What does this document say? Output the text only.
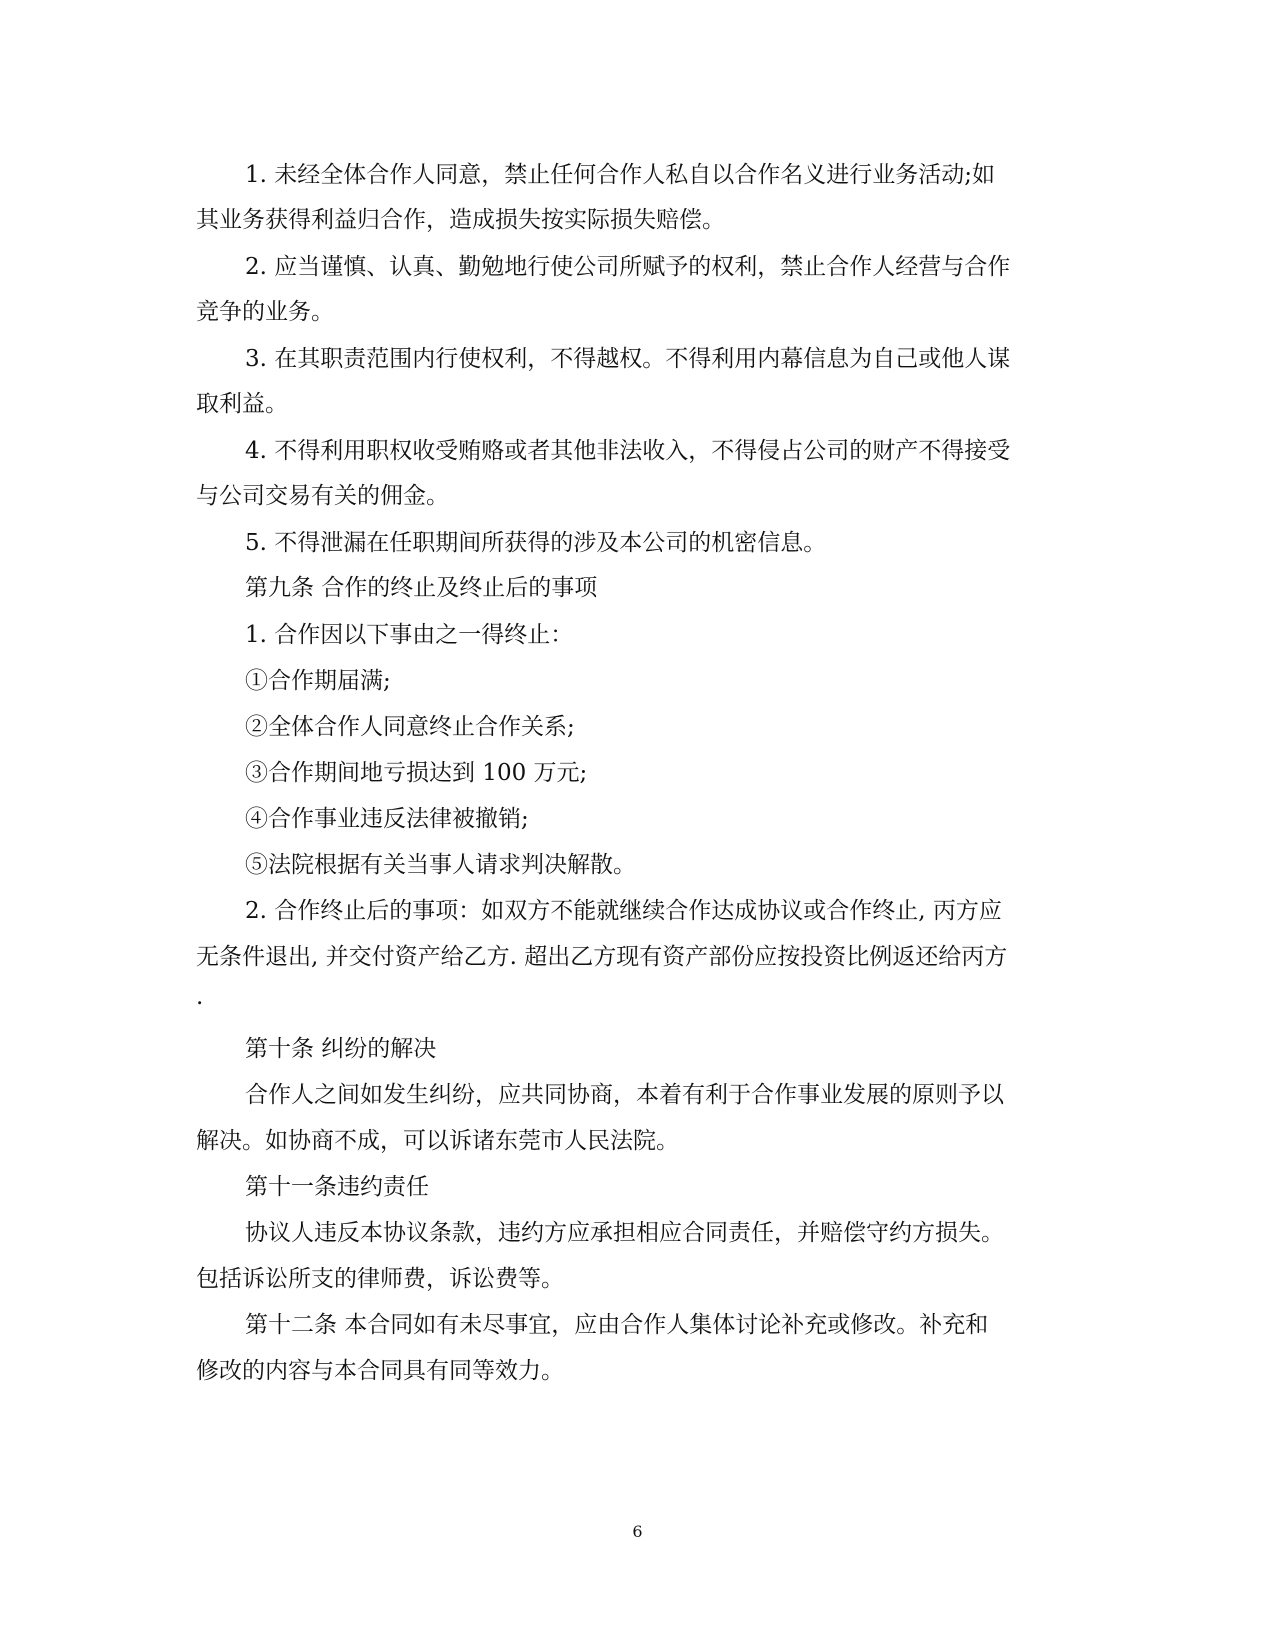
1. 未经全体合作人同意，禁止任何合作人私自以合作名义进行业务活动;如
其业务获得利益归合作，造成损失按实际损失赔偿。
2. 应当谨慎、认真、勤勉地行使公司所赋予的权利，禁止合作人经营与合作
竞争的业务。
3. 在其职责范围内行使权利，不得越权。不得利用内幕信息为自己或他人谋
取利益。
4. 不得利用职权收受贿赂或者其他非法收入，不得侵占公司的财产不得接受
与公司交易有关的佣金。
5. 不得泄漏在任职期间所获得的涉及本公司的机密信息。
第九条 合作的终止及终止后的事项
1. 合作因以下事由之一得终止：
①合作期届满;
②全体合作人同意终止合作关系;
③合作期间地亏损达到 100 万元;
④合作事业违反法律被撤销;
⑤法院根据有关当事人请求判决解散。
2. 合作终止后的事项：如双方不能就继续合作达成协议或合作终止, 丙方应
无条件退出, 并交付资产给乙方. 超出乙方现有资产部份应按投资比例返还给丙方
.
第十条 纠纷的解决
合作人之间如发生纠纷，应共同协商，本着有利于合作事业发展的原则予以
解决。如协商不成，可以诉诸东莞市人民法院。
第十一条违约责任
协议人违反本协议条款，违约方应承担相应合同责任，并赔偿守约方损失。
包括诉讼所支的律师费，诉讼费等。
第十二条 本合同如有未尽事宜，应由合作人集体讨论补充或修改。补充和
修改的内容与本合同具有同等效力。
6
